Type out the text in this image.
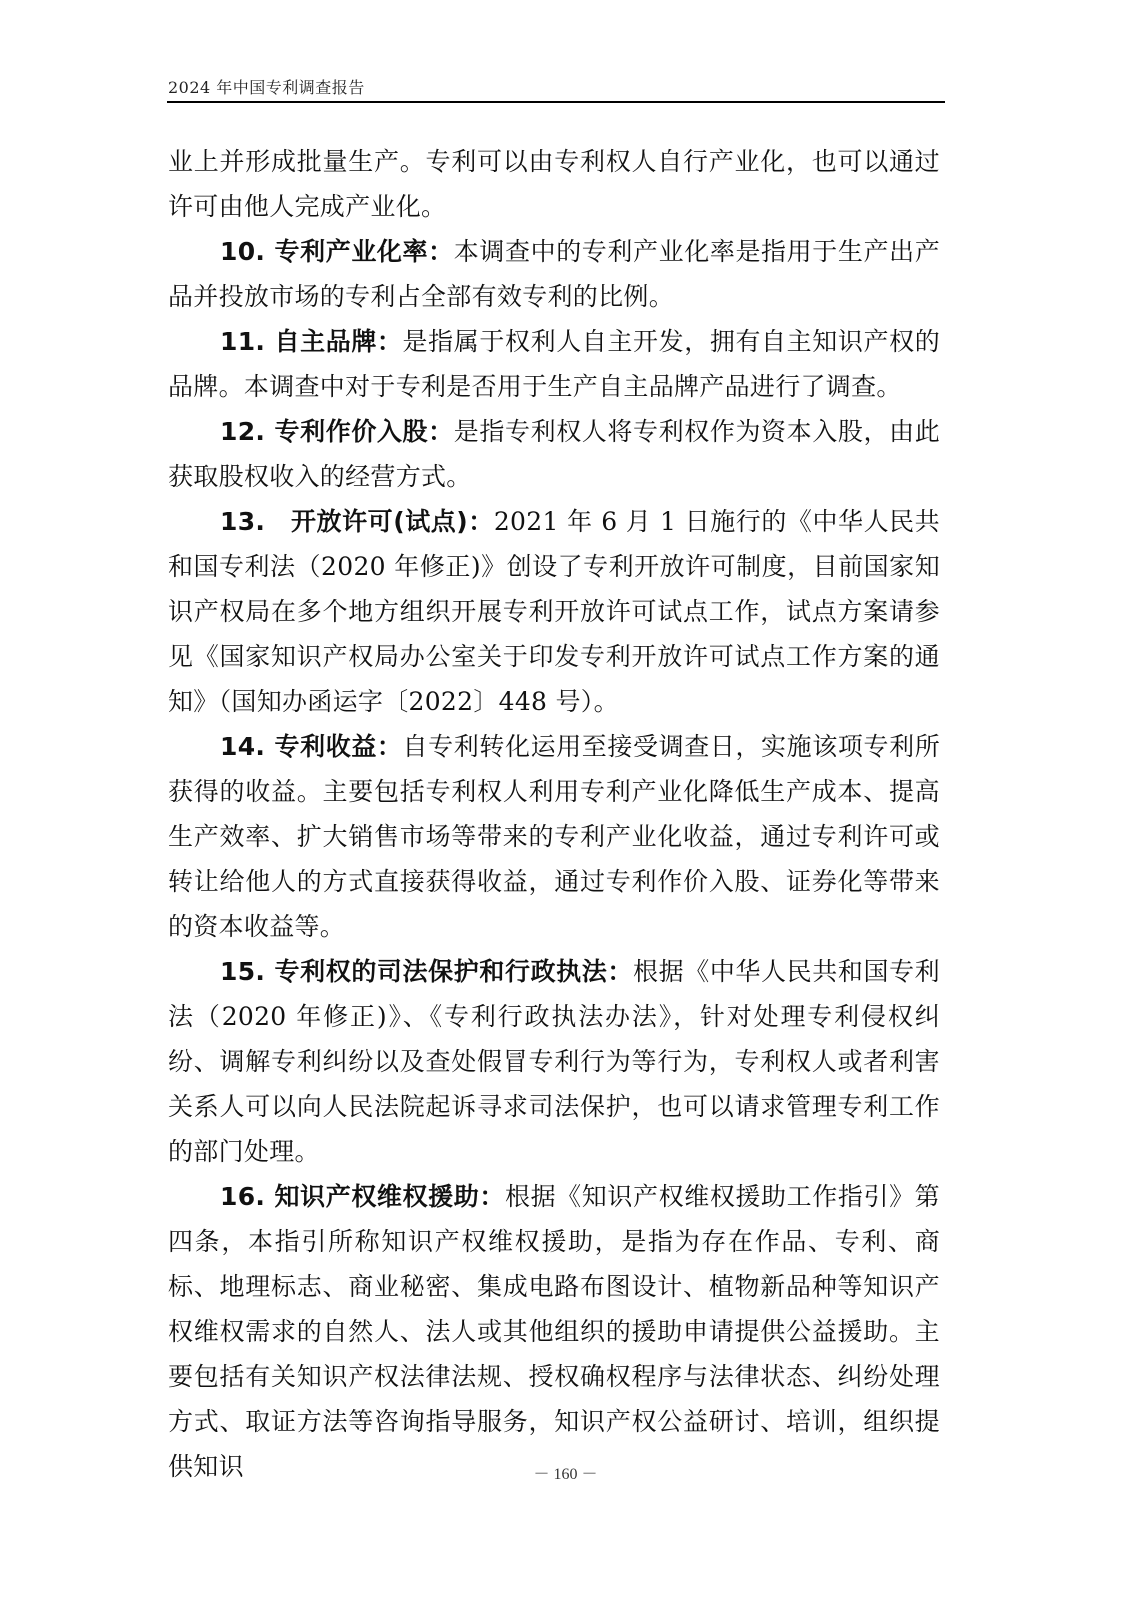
2024 年中国专利调查报告

业上并形成批量生产。专利可以由专利权人自行产业化，也可以通过许可由他人完成产业化。

10. 专利产业化率：本调查中的专利产业化率是指用于生产出产品并投放市场的专利占全部有效专利的比例。

11. 自主品牌：是指属于权利人自主开发，拥有自主知识产权的品牌。本调查中对于专利是否用于生产自主品牌产品进行了调查。

12. 专利作价入股：是指专利权人将专利权作为资本入股，由此获取股权收入的经营方式。

13.　开放许可(试点)：2021 年 6 月 1 日施行的《中华人民共和国专利法（2020 年修正)》创设了专利开放许可制度，目前国家知识产权局在多个地方组织开展专利开放许可试点工作，试点方案请参见《国家知识产权局办公室关于印发专利开放许可试点工作方案的通知》（国知办函运字〔2022〕448 号）。

14. 专利收益：自专利转化运用至接受调查日，实施该项专利所获得的收益。主要包括专利权人利用专利产业化降低生产成本、提高生产效率、扩大销售市场等带来的专利产业化收益，通过专利许可或转让给他人的方式直接获得收益，通过专利作价入股、证券化等带来的资本收益等。

15. 专利权的司法保护和行政执法：根据《中华人民共和国专利法（2020 年修正)》、《专利行政执法办法》，针对处理专利侵权纠纷、调解专利纠纷以及查处假冒专利行为等行为，专利权人或者利害关系人可以向人民法院起诉寻求司法保护，也可以请求管理专利工作的部门处理。

16. 知识产权维权援助：根据《知识产权维权援助工作指引》第四条，本指引所称知识产权维权援助，是指为存在作品、专利、商标、地理标志、商业秘密、集成电路布图设计、植物新品种等知识产权维权需求的自然人、法人或其他组织的援助申请提供公益援助。主要包括有关知识产权法律法规、授权确权程序与法律状态、纠纷处理方式、取证方法等咨询指导服务，知识产权公益研讨、培训，组织提供知识	－ 160 －
